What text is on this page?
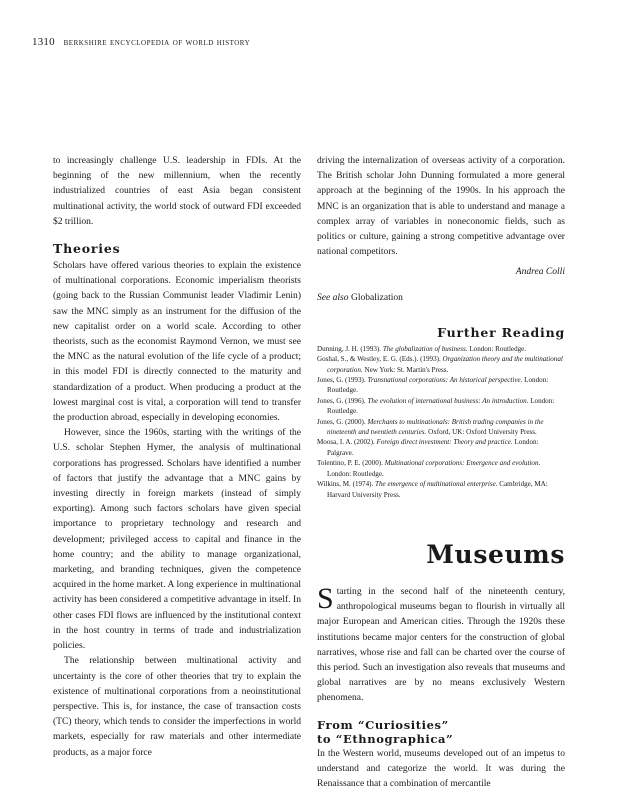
1310 berkshire encyclopedia of world history

to increasingly challenge U.S. leadership in FDIs. At the beginning of the new millennium, when the recently industrialized countries of east Asia began consistent multinational activity, the world stock of outward FDI exceeded $2 trillion.

Theories

Scholars have offered various theories to explain the existence of multinational corporations. Economic imperialism theorists (going back to the Russian Communist leader Vladimir Lenin) saw the MNC simply as an instrument for the diffusion of the new capitalist order on a world scale. According to other theorists, such as the economist Raymond Vernon, we must see the MNC as the natural evolution of the life cycle of a product; in this model FDI is directly connected to the maturity and standardization of a product. When producing a product at the lowest marginal cost is vital, a corporation will tend to transfer the production abroad, especially in developing economies.

However, since the 1960s, starting with the writings of the U.S. scholar Stephen Hymer, the analysis of multinational corporations has progressed. Scholars have identified a number of factors that justify the advantage that a MNC gains by investing directly in foreign markets (instead of simply exporting). Among such factors scholars have given special importance to proprietary technology and research and development; privileged access to capital and finance in the home country; and the ability to manage organizational, marketing, and branding techniques, given the competence acquired in the home market. A long experience in multinational activity has been considered a competitive advantage in itself. In other cases FDI flows are influenced by the institutional context in the host country in terms of trade and industrialization policies.

The relationship between multinational activity and uncertainty is the core of other theories that try to explain the existence of multinational corporations from a neoinstitutional perspective. This is, for instance, the case of transaction costs (TC) theory, which tends to consider the imperfections in world markets, especially for raw materials and other intermediate products, as a major force

driving the internalization of overseas activity of a corporation. The British scholar John Dunning formulated a more general approach at the beginning of the 1990s. In his approach the MNC is an organization that is able to understand and manage a complex array of variables in noneconomic fields, such as politics or culture, gaining a strong competitive advantage over national competitors.

Andrea Colli
See also Globalization
Further Reading
Dunning, J. H. (1993). The globalization of business. London: Routledge.
Goshal, S., & Westley, E. G. (Eds.). (1993). Organization theory and the multinational corporation. New York: St. Martin's Press.
Jones, G. (1993). Transnational corporations: An historical perspective. London: Routledge.
Jones, G. (1996). The evolution of international business: An introduction. London: Routledge.
Jones, G. (2000). Merchants to multinationals: British trading companies in the nineteenth and twentieth centuries. Oxford, UK: Oxford University Press.
Moosa, I. A. (2002). Foreign direct investment: Theory and practice. London: Palgrave.
Tolentino, P. E. (2000). Multinational corporations: Emergence and evolution. London: Routledge.
Wilkins, M. (1974). The emergence of multinational enterprise. Cambridge, MA: Harvard University Press.
Museums

Starting in the second half of the nineteenth century, anthropological museums began to flourish in virtually all major European and American cities. Through the 1920s these institutions became major centers for the construction of global narratives, whose rise and fall can be charted over the course of this period. Such an investigation also reveals that museums and global narratives are by no means exclusively Western phenomena.

From “Curiosities”
to “Ethnographica”

In the Western world, museums developed out of an impetus to understand and categorize the world. It was during the Renaissance that a combination of mercantile
